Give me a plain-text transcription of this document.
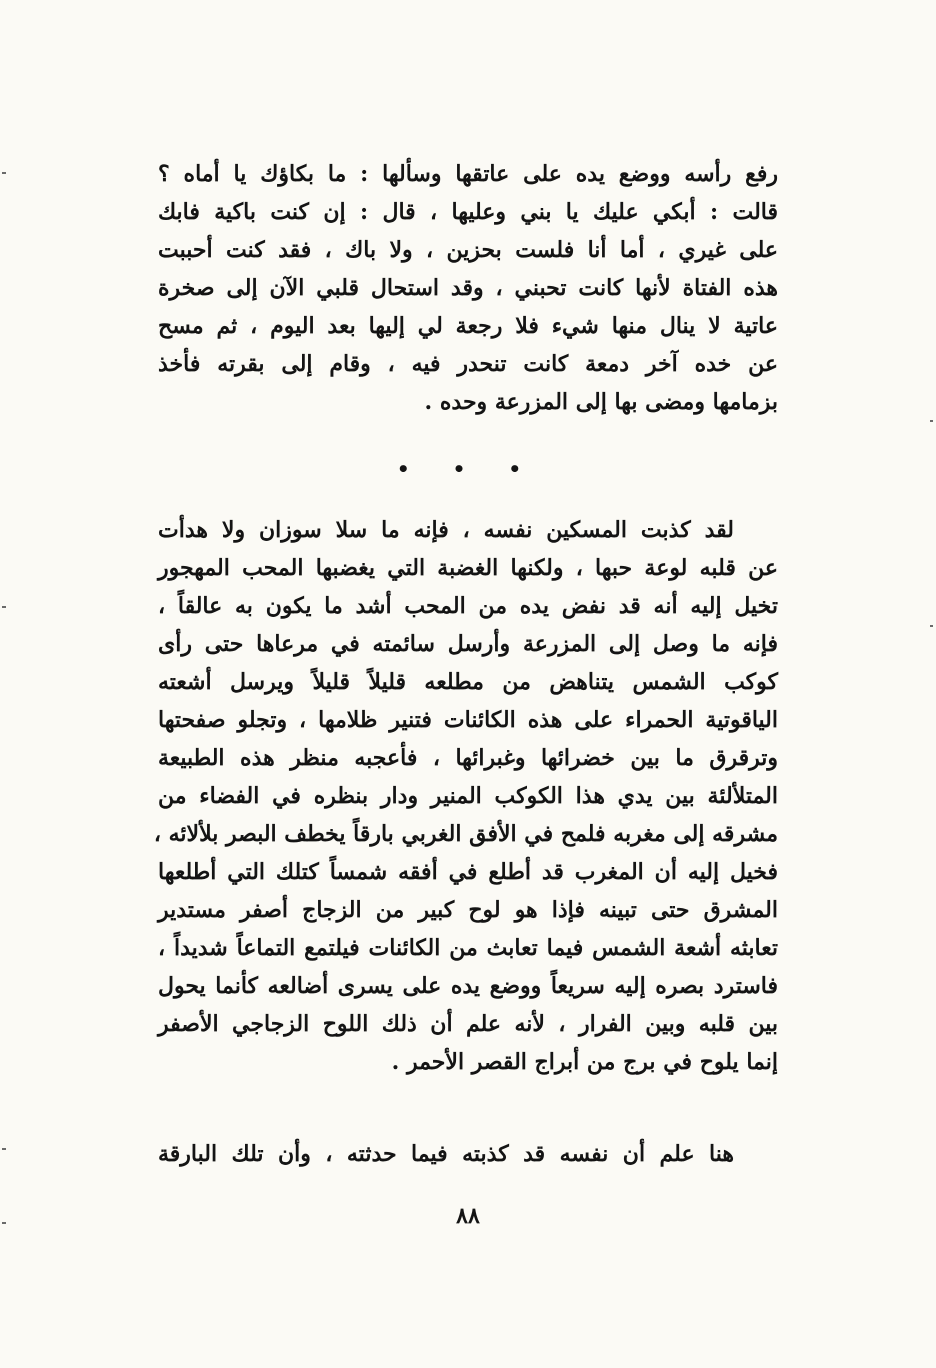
رفع رأسه ووضع يده على عاتقها وسألها : ما بكاؤك يا أماه ؟
قالت : أبكي عليك يا بني وعليها ، قال : إن كنت باكية فابك
على غيري ، أما أنا فلست بحزين ، ولا باك ، فقد كنت أحببت
هذه الفتاة لأنها كانت تحبني ، وقد استحال قلبي الآن إلى صخرة
عاتية لا ينال منها شيء فلا رجعة لي إليها بعد اليوم ، ثم مسح
عن خده آخر دمعة كانت تنحدر فيه ، وقام إلى بقرته فأخذ
بزمامها ومضى بها إلى المزرعة وحده .
• • •
لقد كذبت المسكين نفسه ، فإنه ما سلا سوزان ولا هدأت
عن قلبه لوعة حبها ، ولكنها الغضبة التي يغضبها المحب المهجور
تخيل إليه أنه قد نفض يده من المحب أشد ما يكون به عالقاً ،
فإنه ما وصل إلى المزرعة وأرسل سائمته في مرعاها حتى رأى
كوكب الشمس يتناهض من مطلعه قليلاً قليلاً ويرسل أشعته
الياقوتية الحمراء على هذه الكائنات فتنير ظلامها ، وتجلو صفحتها
وترقرق ما بين خضرائها وغبرائها ، فأعجبه منظر هذه الطبيعة
المتلألئة بين يدي هذا الكوكب المنير ودار بنظره في الفضاء من
مشرقه إلى مغربه فلمح في الأفق الغربي بارقاً يخطف البصر بلألائه ،
فخيل إليه أن المغرب قد أطلع في أفقه شمساً كتلك التي أطلعها
المشرق حتى تبينه فإذا هو لوح كبير من الزجاج أصفر مستدير
تعابثه أشعة الشمس فيما تعابث من الكائنات فيلتمع التماعاً شديداً ،
فاسترد بصره إليه سريعاً ووضع يده على يسرى أضالعه كأنما يحول
بين قلبه وبين الفرار ، لأنه علم أن ذلك اللوح الزجاجي الأصفر
إنما يلوح في برج من أبراج القصر الأحمر .
هنا علم أن نفسه قد كذبته فيما حدثته ، وأن تلك البارقة
٨٨
